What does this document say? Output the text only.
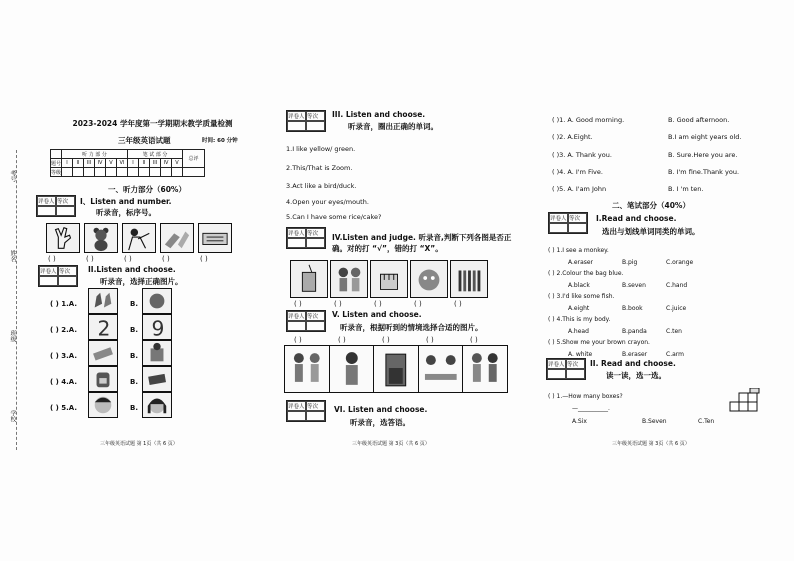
考号
姓名
班级
学校
2023-2024 学年度第一学期期末教学质量检测
三年级英语试题	时间: 60 分钟
	听 力 部 分						笔 试 部 分					总评
题号	I	II	III	IV	V	VI	I	II	III	IV	V	
等级												
一、听力部分（60%）
评卷人 等次	I、Listen and number.
听录音，标序号。
( )	( )	( )	( )	( )
评卷人 等次	II.Listen and choose.
听录音，选择正确图片。
( ) 1.A.	B.
( ) 2.A. 2	B. 9
( ) 3.A.	B.
( ) 4.A.	B.
( ) 5.A.	B.
三年级英语试题 第 1页（共 6 页）
评卷人 等次	III. Listen and choose.
听录音，圈出正确的单词。
1.I like yellow/ green.
2.This/That is Zoom.
3.Act like a bird/duck.
4.Open your eyes/mouth.
5.Can I have some rice/cake?
评卷人 等次	IV.Listen and judge. 听录音,判断下列各图是否正确。对的打 “√”，错的打 “X”。
( )	( )	( )	( )	( )
评卷人 等次	V. Listen and choose.
听录音，根据听到的情境选择合适的图片。
( )	( )	( )	( )	( )
评卷人 等次	VI. Listen and choose.
听录音，选答语。
三年级英语试题 第 3页（共 6 页）
( )1. A. Good morning.	B. Good afternoon.
( )2. A.Eight.	B.I am eight years old.
( )3. A. Thank you.	B. Sure.Here you are.
( )4. A. I'm Five.	B. I'm fine.Thank you.
( )5. A. I'am John	B. I 'm ten.
二、笔试部分（40%）
评卷人 等次	I.Read and choose.
选出与划线单词同类的单词。
( ) 1.I see a monkey.
A.eraser	B.pig	C.orange
( ) 2.Colour the bag blue.
A.black	B.seven	C.hand
( ) 3.I'd like some fish.
A.eight	B.book	C.juice
( ) 4.This is my body.
A.head	B.panda	C.ten
( ) 5.Show me your brown crayon.
A. white	B.eraser	C.arm
评卷人 等次	II. Read and choose.
读一读，选一选。
( ) 1.—How many boxes?
—__________.
A.Six	B.Seven	C.Ten
三年级英语试题 第 3页（共 6 页）
